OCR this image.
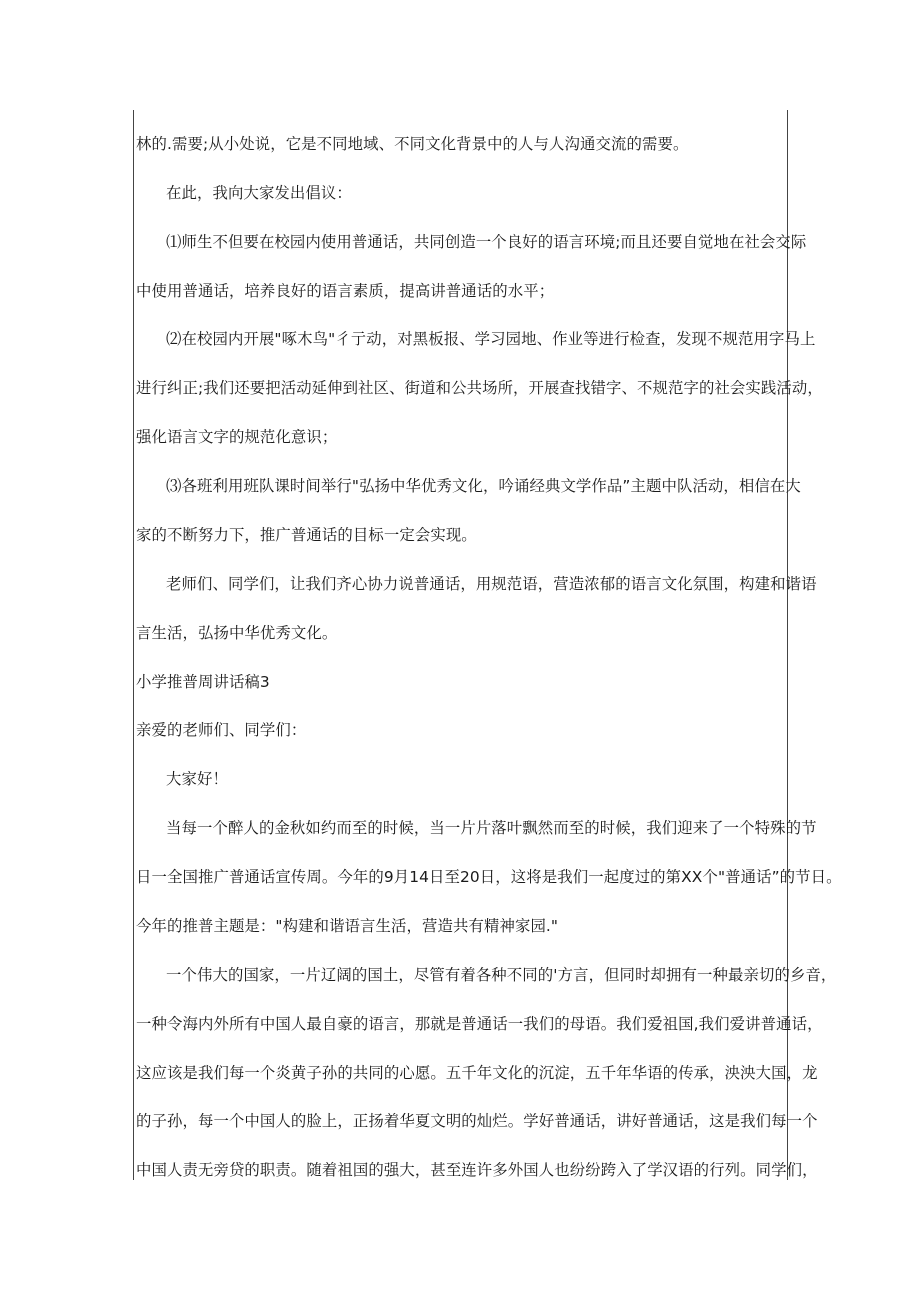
林的.需要;从小处说，它是不同地域、不同文化背景中的人与人沟通交流的需要。
在此，我向大家发出倡议：
⑴师生不但要在校园内使用普通话，共同创造一个良好的语言环境;而且还要自觉地在社会交际
中使用普通话，培养良好的语言素质，提高讲普通话的水平；
⑵在校园内开展"啄木鸟"彳亍动，对黑板报、学习园地、作业等进行检查，发现不规范用字马上
进行纠正;我们还要把活动延伸到社区、街道和公共场所，开展查找错字、不规范字的社会实践活动，
强化语言文字的规范化意识；
⑶各班利用班队课时间举行"弘扬中华优秀文化，吟诵经典文学作品”主题中队活动，相信在大
家的不断努力下，推广普通话的目标一定会实现。
老师们、同学们，让我们齐心协力说普通话，用规范语，营造浓郁的语言文化氛围，构建和谐语
言生活，弘扬中华优秀文化。
小学推普周讲话稿3
亲爱的老师们、同学们：
大家好！
当每一个醉人的金秋如约而至的时候，当一片片落叶飘然而至的时候，我们迎来了一个特殊的节
日一全国推广普通话宣传周。今年的9月14日至20日，这将是我们一起度过的第XX个"普通话”的节日。
今年的推普主题是："构建和谐语言生活，营造共有精神家园."
一个伟大的国家，一片辽阔的国土，尽管有着各种不同的'方言，但同时却拥有一种最亲切的乡音，
一种令海内外所有中国人最自豪的语言，那就是普通话一我们的母语。我们爱祖国,我们爱讲普通话，
这应该是我们每一个炎黄子孙的共同的心愿。五千年文化的沉淀，五千年华语的传承，泱泱大国，龙
的子孙，每一个中国人的脸上，正扬着华夏文明的灿烂。学好普通话，讲好普通话，这是我们每一个
中国人责无旁贷的职责。随着祖国的强大，甚至连许多外国人也纷纷跨入了学汉语的行列。同学们，
